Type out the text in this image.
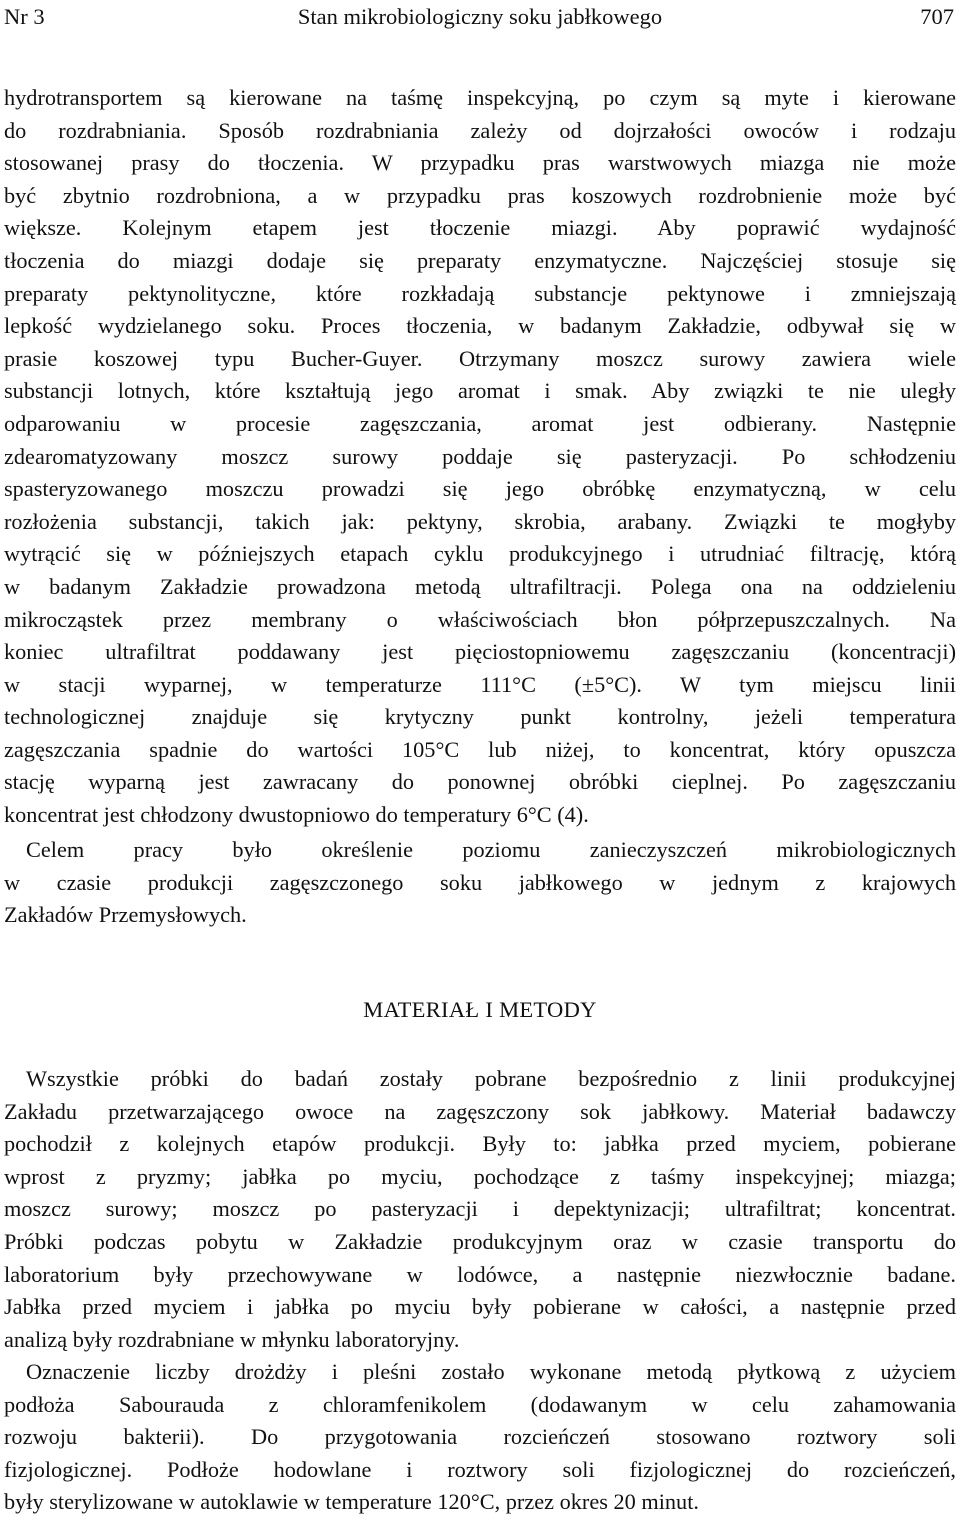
Nr 3	Stan mikrobiologiczny soku jabłkowego	707
hydrotransportem są kierowane na taśmę inspekcyjną, po czym są myte i kierowane
do rozdrabniania. Sposób rozdrabniania zależy od dojrzałości owoców i rodzaju
stosowanej prasy do tłoczenia. W przypadku pras warstwowych miazga nie może
być zbytnio rozdrobniona, a w przypadku pras koszowych rozdrobnienie może być
większe. Kolejnym etapem jest tłoczenie miazgi. Aby poprawić wydajność
tłoczenia do miazgi dodaje się preparaty enzymatyczne. Najczęściej stosuje się
preparaty pektynolityczne, które rozkładają substancje pektynowe i zmniejszają
lepkość wydzielanego soku. Proces tłoczenia, w badanym Zakładzie, odbywał się w
prasie koszowej typu Bucher-Guyer. Otrzymany moszcz surowy zawiera wiele
substancji lotnych, które kształtują jego aromat i smak. Aby związki te nie uległy
odparowaniu w procesie zagęszczania, aromat jest odbierany. Następnie
zdearomatyzowany moszcz surowy poddaje się pasteryzacji. Po schłodzeniu
spasteryzowanego moszczu prowadzi się jego obróbkę enzymatyczną, w celu
rozłożenia substancji, takich jak: pektyny, skrobia, arabany. Związki te mogłyby
wytrącić się w późniejszych etapach cyklu produkcyjnego i utrudniać filtrację, którą
w badanym Zakładzie prowadzona metodą ultrafiltracji. Polega ona na oddzieleniu
mikrocząstek przez membrany o właściwościach błon półprzepuszczalnych. Na
koniec ultrafiltrat poddawany jest pięciostopniowemu zagęszczaniu (koncentracji)
w stacji wyparnej, w temperaturze 111°C (±5°C). W tym miejscu linii
technologicznej znajduje się krytyczny punkt kontrolny, jeżeli temperatura
zagęszczania spadnie do wartości 105°C lub niżej, to koncentrat, który opuszcza
stację wyparną jest zawracany do ponownej obróbki cieplnej. Po zagęszczaniu
koncentrat jest chłodzony dwustopniowo do temperatury 6°C (4).
Celem pracy było określenie poziomu zanieczyszczeń mikrobiologicznych
w czasie produkcji zagęszczonego soku jabłkowego w jednym z krajowych
Zakładów Przemysłowych.
MATERIAŁ I METODY
Wszystkie próbki do badań zostały pobrane bezpośrednio z linii produkcyjnej
Zakładu przetwarzającego owoce na zagęszczony sok jabłkowy. Materiał badawczy
pochodził z kolejnych etapów produkcji. Były to: jabłka przed myciem, pobierane
wprost z pryzmy; jabłka po myciu, pochodzące z taśmy inspekcyjnej; miazga;
moszcz surowy; moszcz po pasteryzacji i depektynizacji; ultrafiltrat; koncentrat.
Próbki podczas pobytu w Zakładzie produkcyjnym oraz w czasie transportu do
laboratorium były przechowywane w lodówce, a następnie niezwłocznie badane.
Jabłka przed myciem i jabłka po myciu były pobierane w całości, a następnie przed
analizą były rozdrabniane w młynku laboratoryjny.
Oznaczenie liczby drożdży i pleśni zostało wykonane metodą płytkową z użyciem
podłoża Sabourauda z chloramfenikolem (dodawanym w celu zahamowania
rozwoju bakterii). Do przygotowania rozcieńczeń stosowano roztwory soli
fizjologicznej. Podłoże hodowlane i roztwory soli fizjologicznej do rozcieńczeń,
były sterylizowane w autoklawie w temperature 120°C, przez okres 20 minut.
